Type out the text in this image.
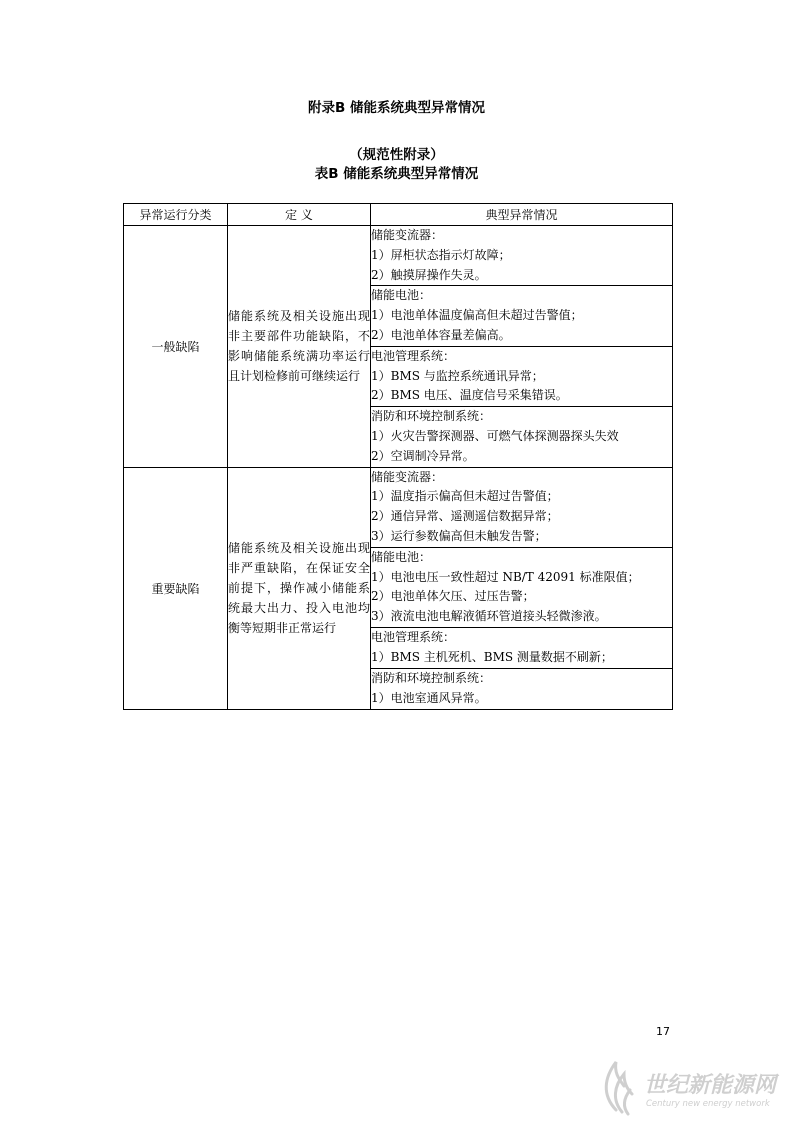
附录B 储能系统典型异常情况
（规范性附录）
表B 储能系统典型异常情况
异常运行分类	定 义	典型异常情况
一般缺陷	储能系统及相关设施出现非主要部件功能缺陷，不影响储能系统满功率运行且计划检修前可继续运行	储能变流器：
1）屏柜状态指示灯故障；
2）触摸屏操作失灵。

		储能电池：
1）电池单体温度偏高但未超过告警值；
2）电池单体容量差偏高。

		电池管理系统：
1）BMS 与监控系统通讯异常；
2）BMS 电压、温度信号采集错误。

		消防和环境控制系统：
1）火灾告警探测器、可燃气体探测器探头失效
2）空调制冷异常。

重要缺陷	储能系统及相关设施出现非严重缺陷，在保证安全前提下，操作减小储能系统最大出力、投入电池均衡等短期非正常运行	储能变流器：
1）温度指示偏高但未超过告警值；
2）通信异常、遥测遥信数据异常；
3）运行参数偏高但未触发告警；

		储能电池：
1）电池电压一致性超过 NB/T 42091 标准限值；
2）电池单体欠压、过压告警；
3）液流电池电解液循环管道接头轻微渗液。

		电池管理系统：
1）BMS 主机死机、BMS 测量数据不刷新；

		消防和环境控制系统：
1）电池室通风异常。
17
世纪新能源网
Century new energy network
